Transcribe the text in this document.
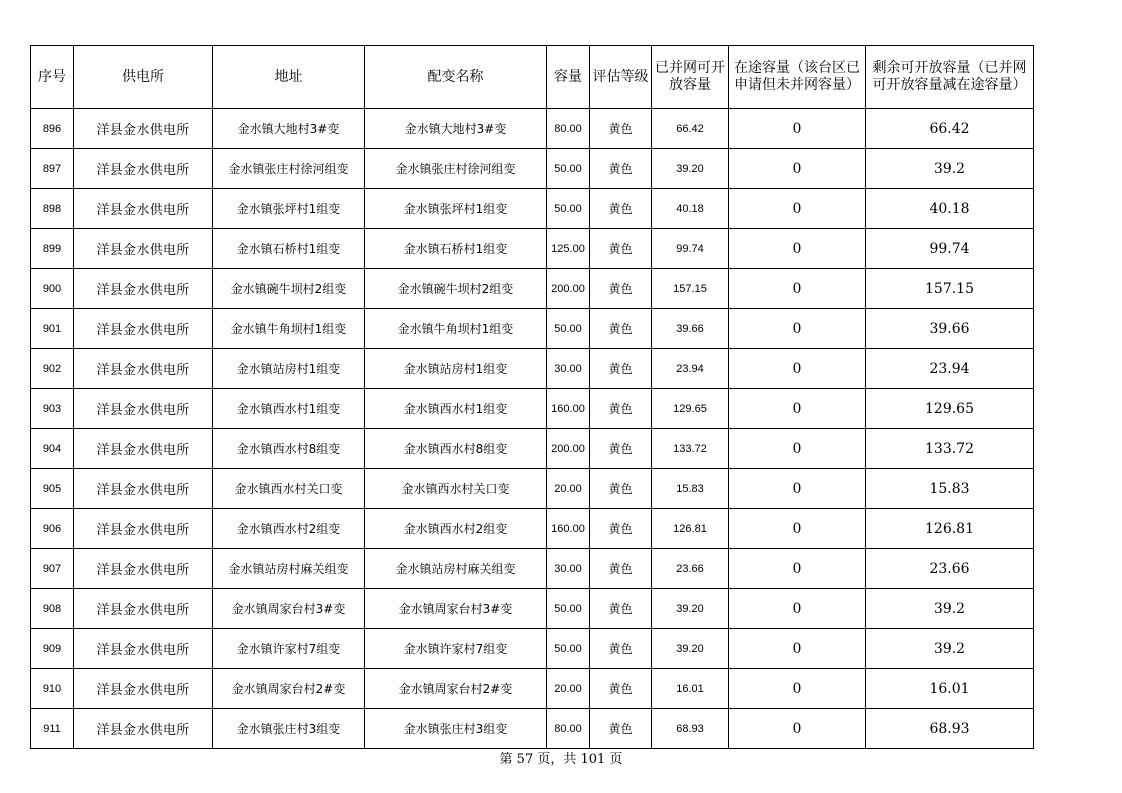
序号	供电所	地址	配变名称	容量	评估等级	已并网可开放容量	在途容量（该台区已申请但未并网容量）	剩余可开放容量（已并网可开放容量减在途容量）
896	洋县金水供电所	金水镇大地村3#变	金水镇大地村3#变	80.00	黄色	66.42	0	66.42
897	洋县金水供电所	金水镇张庄村徐河组变	金水镇张庄村徐河组变	50.00	黄色	39.20	0	39.2
898	洋县金水供电所	金水镇张坪村1组变	金水镇张坪村1组变	50.00	黄色	40.18	0	40.18
899	洋县金水供电所	金水镇石桥村1组变	金水镇石桥村1组变	125.00	黄色	99.74	0	99.74
900	洋县金水供电所	金水镇碗牛坝村2组变	金水镇碗牛坝村2组变	200.00	黄色	157.15	0	157.15
901	洋县金水供电所	金水镇牛角坝村1组变	金水镇牛角坝村1组变	50.00	黄色	39.66	0	39.66
902	洋县金水供电所	金水镇站房村1组变	金水镇站房村1组变	30.00	黄色	23.94	0	23.94
903	洋县金水供电所	金水镇西水村1组变	金水镇西水村1组变	160.00	黄色	129.65	0	129.65
904	洋县金水供电所	金水镇西水村8组变	金水镇西水村8组变	200.00	黄色	133.72	0	133.72
905	洋县金水供电所	金水镇西水村关口变	金水镇西水村关口变	20.00	黄色	15.83	0	15.83
906	洋县金水供电所	金水镇西水村2组变	金水镇西水村2组变	160.00	黄色	126.81	0	126.81
907	洋县金水供电所	金水镇站房村麻关组变	金水镇站房村麻关组变	30.00	黄色	23.66	0	23.66
908	洋县金水供电所	金水镇周家台村3#变	金水镇周家台村3#变	50.00	黄色	39.20	0	39.2
909	洋县金水供电所	金水镇许家村7组变	金水镇许家村7组变	50.00	黄色	39.20	0	39.2
910	洋县金水供电所	金水镇周家台村2#变	金水镇周家台村2#变	20.00	黄色	16.01	0	16.01
911	洋县金水供电所	金水镇张庄村3组变	金水镇张庄村3组变	80.00	黄色	68.93	0	68.93
第 57 页，共 101 页
